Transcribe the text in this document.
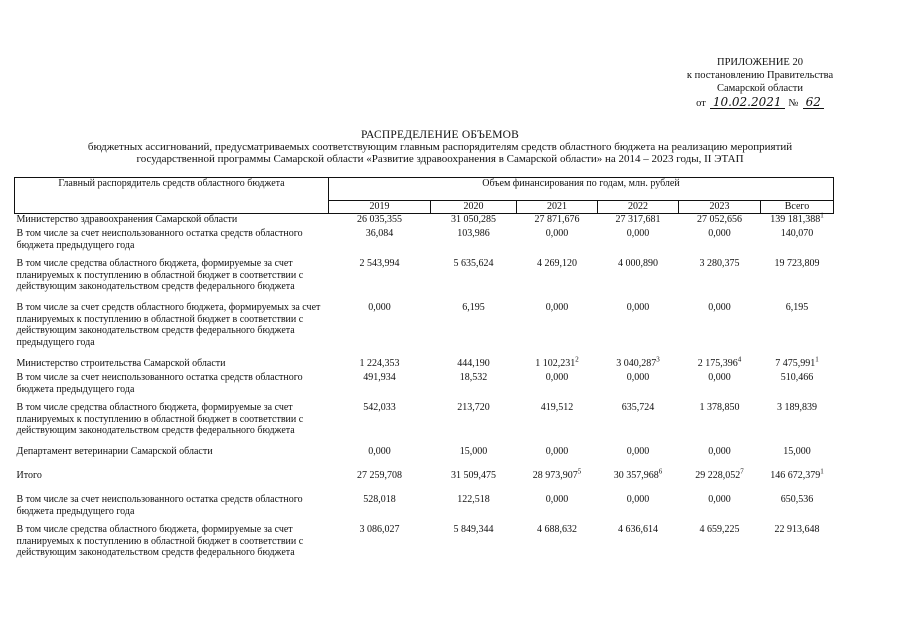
ПРИЛОЖЕНИЕ 20
к постановлению Правительства
Самарской области
от 10.02.2021 № 62
РАСПРЕДЕЛЕНИЕ ОБЪЕМОВ
бюджетных ассигнований, предусматриваемых соответствующим главным распорядителям средств областного бюджета на реализацию мероприятий
государственной программы Самарской области «Развитие здравоохранения в Самарской области» на 2014 – 2023 годы, II ЭТАП
Главный распорядитель средств областного бюджета	Объем финансирования по годам, млн. рублей					
	2019	2020	2021	2022	2023	Всего
Министерство здравоохранения Самарской области	26 035,355	31 050,285	27 871,676	27 317,681	27 052,656	139 181,388$^1$
В том числе за счет неиспользованного остатка средств областного бюджета предыдущего года	36,084	103,986	0,000	0,000	0,000	140,070
В том числе средства областного бюджета, формируемые за счет планируемых к поступлению в областной бюджет в соответствии с действующим законодательством средств федерального бюджета	2 543,994	5 635,624	4 269,120	4 000,890	3 280,375	19 723,809
В том числе за счет средств областного бюджета, формируемых за счет планируемых к поступлению в областной бюджет в соответствии с действующим законодательством средств федерального бюджета предыдущего года	0,000	6,195	0,000	0,000	0,000	6,195
Министерство строительства Самарской области	1 224,353	444,190	1 102,231$^2$	3 040,287$^3$	2 175,396$^4$	7 475,991$^1$
В том числе за счет неиспользованного остатка средств областного бюджета предыдущего года	491,934	18,532	0,000	0,000	0,000	510,466
В том числе средства областного бюджета, формируемые за счет планируемых к поступлению в областной бюджет в соответствии с действующим законодательством средств федерального бюджета	542,033	213,720	419,512	635,724	1 378,850	3 189,839
Департамент ветеринарии Самарской области	0,000	15,000	0,000	0,000	0,000	15,000
Итого	27 259,708	31 509,475	28 973,907$^5$	30 357,968$^6$	29 228,052$^7$	146 672,379$^1$
В том числе за счет неиспользованного остатка средств областного бюджета предыдущего года	528,018	122,518	0,000	0,000	0,000	650,536
В том числе средства областного бюджета, формируемые за счет планируемых к поступлению в областной бюджет в соответствии с действующим законодательством средств федерального бюджета	3 086,027	5 849,344	4 688,632	4 636,614	4 659,225	22 913,648
